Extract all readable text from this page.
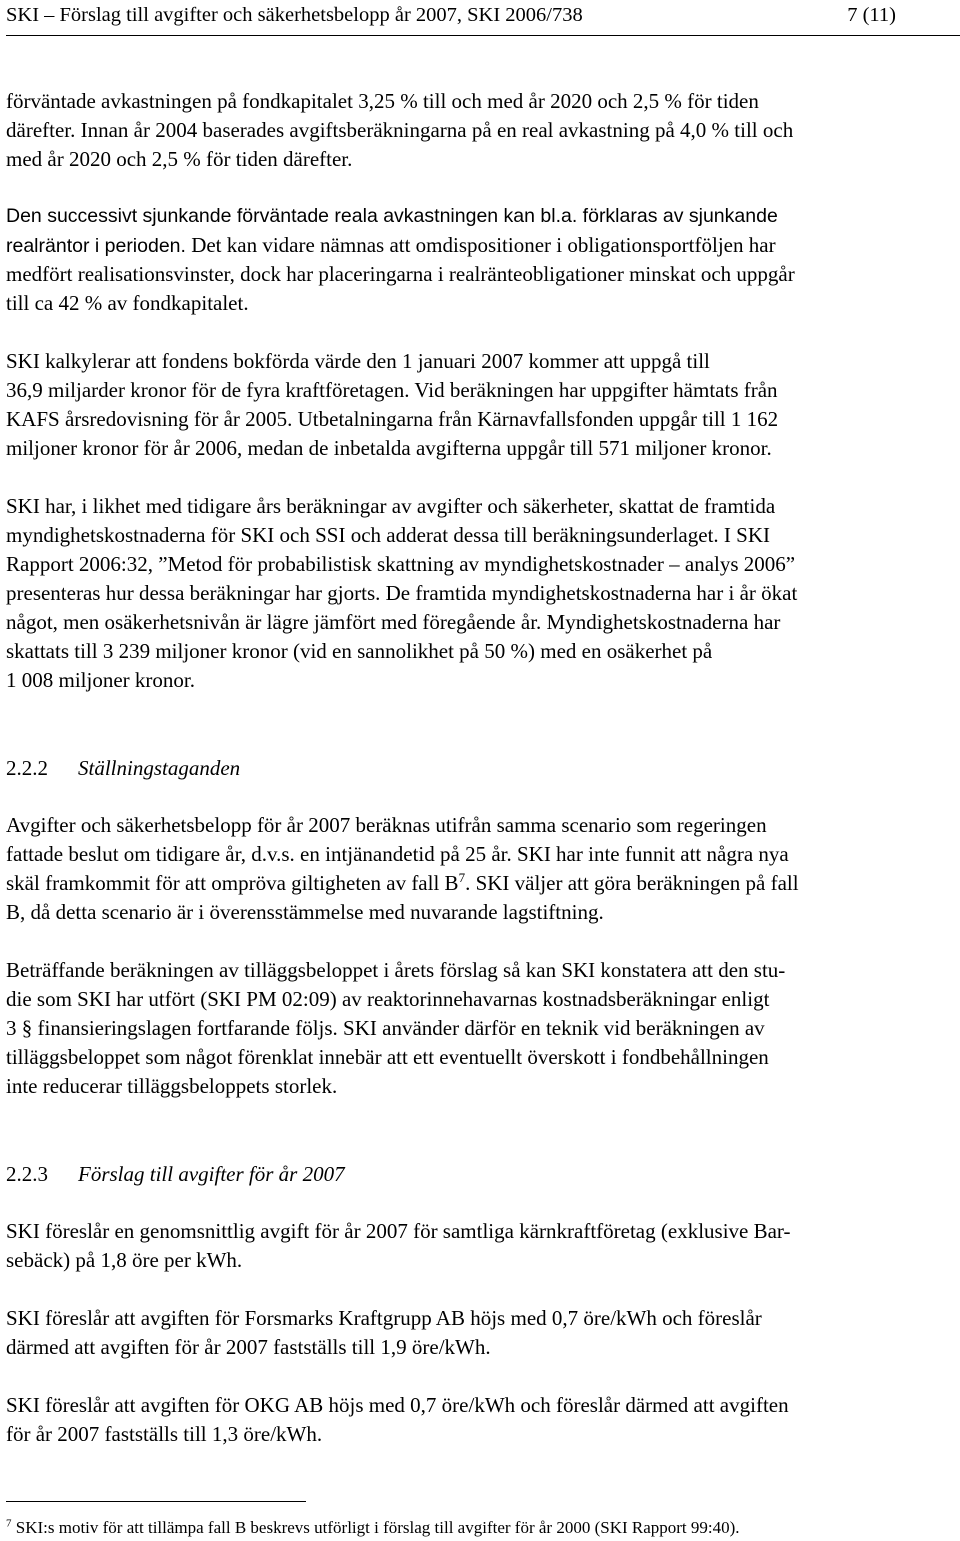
SKI – Förslag till avgifter och säkerhetsbelopp år 2007, SKI 2006/738	7 (11)
förväntade avkastningen på fondkapitalet 3,25 % till och med år 2020 och 2,5 % för tiden
därefter. Innan år 2004 baserades avgiftsberäkningarna på en real avkastning på 4,0 % till och
med år 2020 och 2,5 % för tiden därefter.
Den successivt sjunkande förväntade reala avkastningen kan bl.a. förklaras av sjunkande
realräntor i perioden. Det kan vidare nämnas att omdispositioner i obligationsportföljen har
medfört realisationsvinster, dock har placeringarna i realränteobligationer minskat och uppgår
till ca 42 % av fondkapitalet.
SKI kalkylerar att fondens bokförda värde den 1 januari 2007 kommer att uppgå till
36,9 miljarder kronor för de fyra kraftföretagen. Vid beräkningen har uppgifter hämtats från
KAFS årsredovisning för år 2005. Utbetalningarna från Kärnavfallsfonden uppgår till 1 162
miljoner kronor för år 2006, medan de inbetalda avgifterna uppgår till 571 miljoner kronor.
SKI har, i likhet med tidigare års beräkningar av avgifter och säkerheter, skattat de framtida
myndighetskostnaderna för SKI och SSI och adderat dessa till beräkningsunderlaget. I SKI
Rapport 2006:32, ”Metod för probabilistisk skattning av myndighetskostnader – analys 2006”
presenteras hur dessa beräkningar har gjorts. De framtida myndighetskostnaderna har i år ökat
något, men osäkerhetsnivån är lägre jämfört med föregående år. Myndighetskostnaderna har
skattats till 3 239 miljoner kronor (vid en sannolikhet på 50 %) med en osäkerhet på
1 008 miljoner kronor.
2.2.2 Ställningstaganden
Avgifter och säkerhetsbelopp för år 2007 beräknas utifrån samma scenario som regeringen
fattade beslut om tidigare år, d.v.s. en intjänandetid på 25 år. SKI har inte funnit att några nya
skäl framkommit för att ompröva giltigheten av fall $B^7$. SKI väljer att göra beräkningen på fall
B, då detta scenario är i överensstämmelse med nuvarande lagstiftning.
Beträffande beräkningen av tilläggsbeloppet i årets förslag så kan SKI konstatera att den stu-
die som SKI har utfört (SKI PM 02:09) av reaktorinnehavarnas kostnadsberäkningar enligt
3 § finansieringslagen fortfarande följs. SKI använder därför en teknik vid beräkningen av
tilläggsbeloppet som något förenklat innebär att ett eventuellt överskott i fondbehållningen
inte reducerar tilläggsbeloppets storlek.
2.2.3 Förslag till avgifter för år 2007
SKI föreslår en genomsnittlig avgift för år 2007 för samtliga kärnkraftföretag (exklusive Bar-
sebäck) på 1,8 öre per kWh.
SKI föreslår att avgiften för Forsmarks Kraftgrupp AB höjs med 0,7 öre/kWh och föreslår
därmed att avgiften för år 2007 fastställs till 1,9 öre/kWh.
SKI föreslår att avgiften för OKG AB höjs med 0,7 öre/kWh och föreslår därmed att avgiften
för år 2007 fastställs till 1,3 öre/kWh.
$^7$ SKI:s motiv för att tillämpa fall B beskrevs utförligt i förslag till avgifter för år 2000 (SKI Rapport 99:40).
